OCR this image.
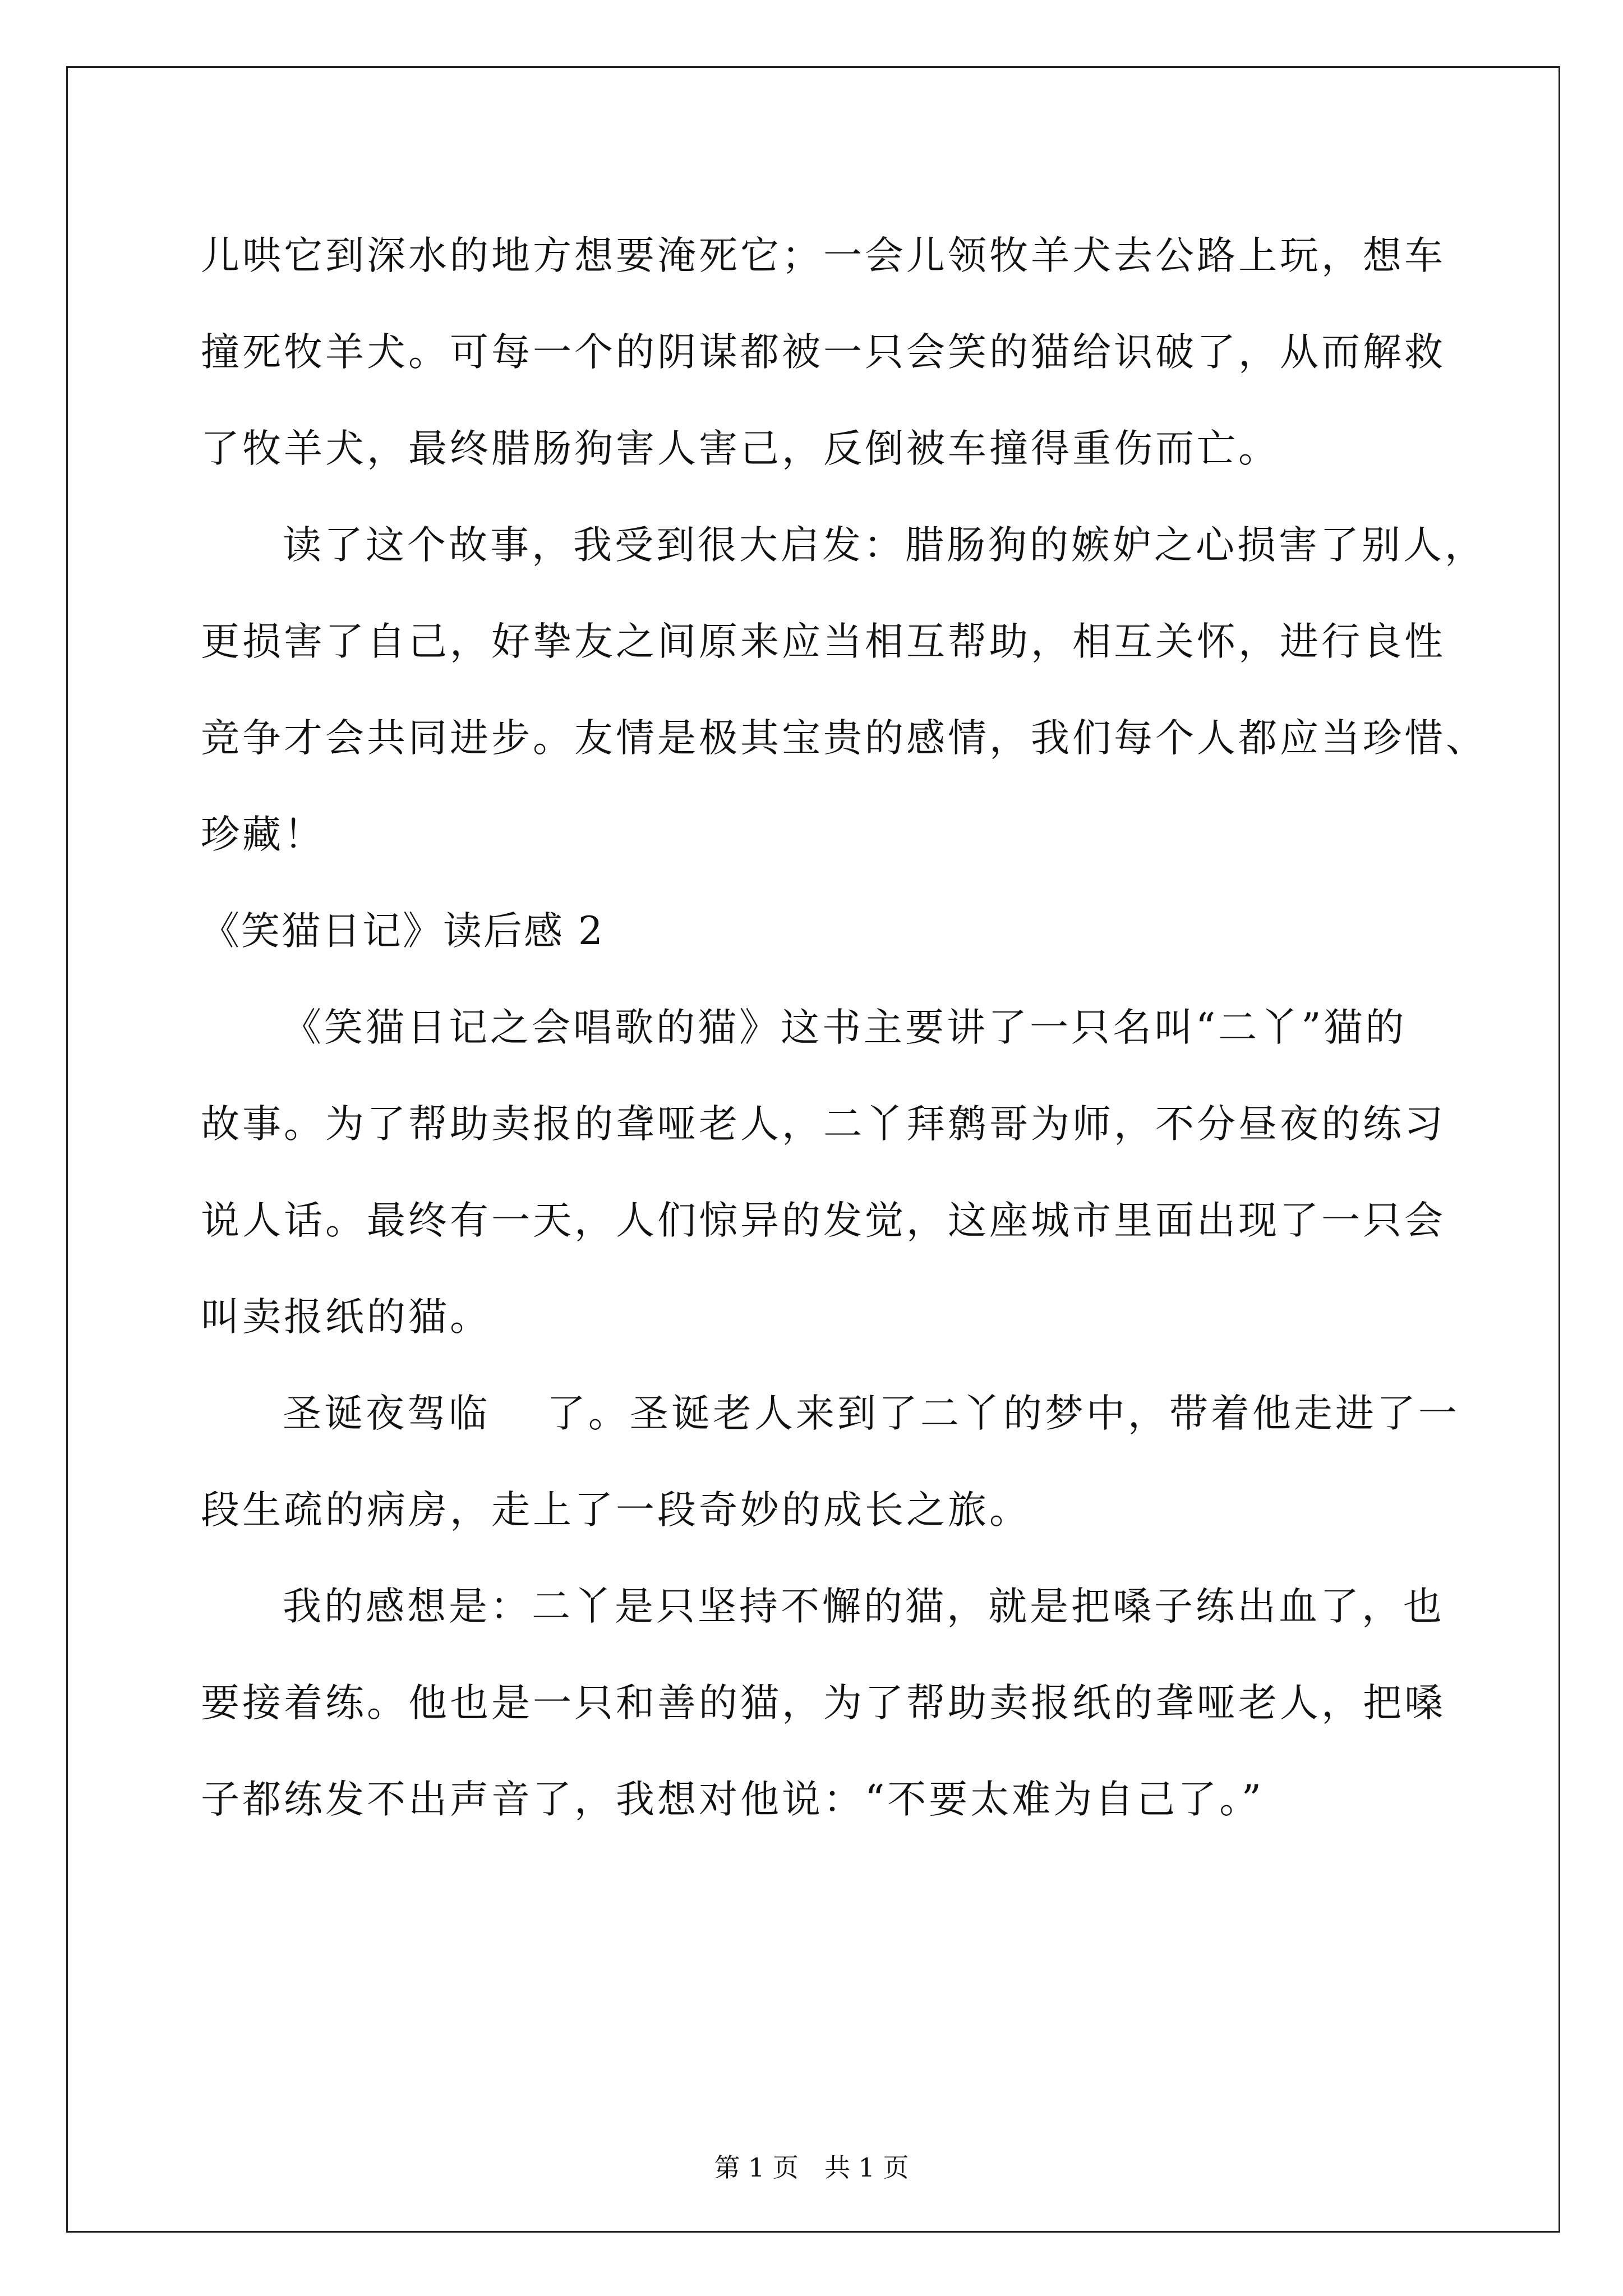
儿哄它到深水的地方想要淹死它；一会儿领牧羊犬去公路上玩，想车
撞死牧羊犬。可每一个的阴谋都被一只会笑的猫给识破了，从而解救
了牧羊犬，最终腊肠狗害人害己，反倒被车撞得重伤而亡。
读了这个故事，我受到很大启发：腊肠狗的嫉妒之心损害了别人，
更损害了自己，好挚友之间原来应当相互帮助，相互关怀，进行良性
竞争才会共同进步。友情是极其宝贵的感情，我们每个人都应当珍惜、
珍藏！
《笑猫日记》读后感 2
《笑猫日记之会唱歌的猫》这书主要讲了一只名叫“二丫”猫的
故事。为了帮助卖报的聋哑老人，二丫拜鹩哥为师，不分昼夜的练习
说人话。最终有一天，人们惊异的发觉，这座城市里面出现了一只会
叫卖报纸的猫。
圣诞夜驾临　 了。圣诞老人来到了二丫的梦中，带着他走进了一
段生疏的病房，走上了一段奇妙的成长之旅。
我的感想是：二丫是只坚持不懈的猫，就是把嗓子练出血了，也
要接着练。他也是一只和善的猫，为了帮助卖报纸的聋哑老人，把嗓
子都练发不出声音了，我想对他说：“不要太难为自己了。”
第 1 页　共 1 页
